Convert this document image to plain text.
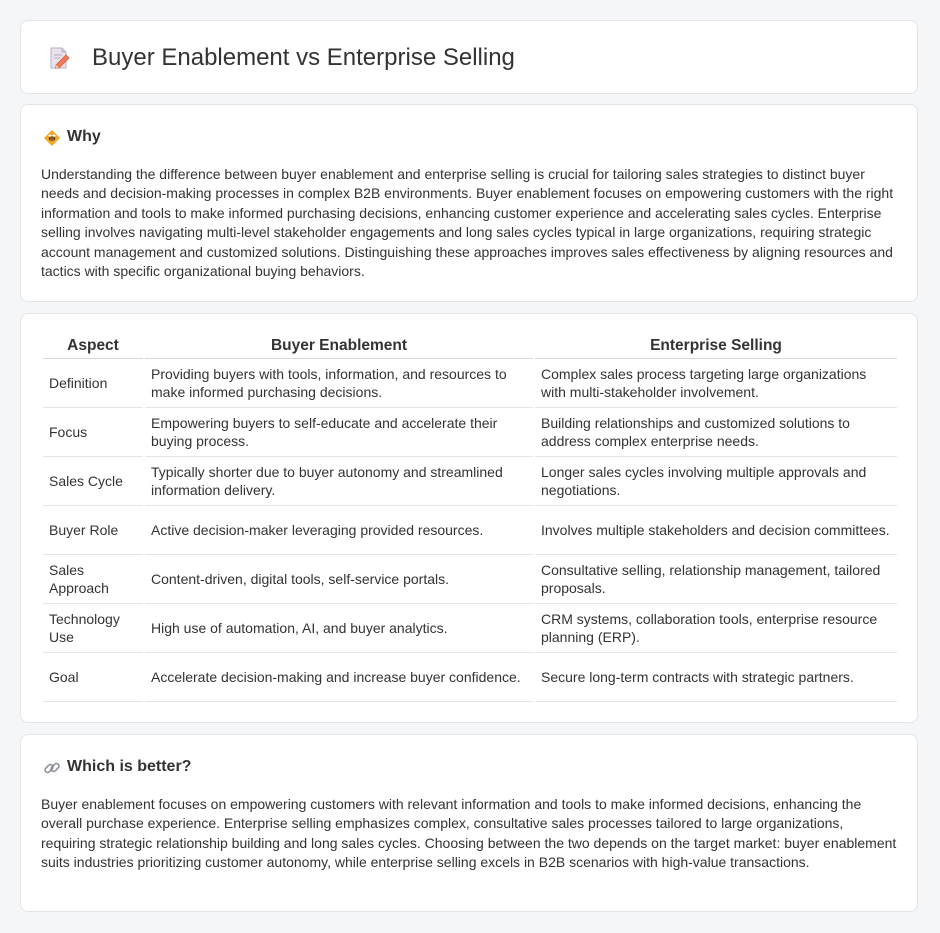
Buyer Enablement vs Enterprise Selling
Why

Understanding the difference between buyer enablement and enterprise selling is crucial for tailoring sales strategies to distinct buyer needs and decision-making processes in complex B2B environments. Buyer enablement focuses on empowering customers with the right information and tools to make informed purchasing decisions, enhancing customer experience and accelerating sales cycles. Enterprise selling involves navigating multi-level stakeholder engagements and long sales cycles typical in large organizations, requiring strategic account management and customized solutions. Distinguishing these approaches improves sales effectiveness by aligning resources and tactics with specific organizational buying behaviors.

Aspect	Buyer Enablement	Enterprise Selling
Definition	Providing buyers with tools, information, and resources to make informed purchasing decisions.	Complex sales process targeting large organizations with multi-stakeholder involvement.
Focus	Empowering buyers to self-educate and accelerate their buying process.	Building relationships and customized solutions to address complex enterprise needs.
Sales Cycle	Typically shorter due to buyer autonomy and streamlined information delivery.	Longer sales cycles involving multiple approvals and negotiations.
Buyer Role	Active decision-maker leveraging provided resources.	Involves multiple stakeholders and decision committees.
Sales Approach	Content-driven, digital tools, self-service portals.	Consultative selling, relationship management, tailored proposals.
Technology Use	High use of automation, AI, and buyer analytics.	CRM systems, collaboration tools, enterprise resource planning (ERP).
Goal	Accelerate decision-making and increase buyer confidence.	Secure long-term contracts with strategic partners.
Which is better?

Buyer enablement focuses on empowering customers with relevant information and tools to make informed decisions, enhancing the overall purchase experience. Enterprise selling emphasizes complex, consultative sales processes tailored to large organizations, requiring strategic relationship building and long sales cycles. Choosing between the two depends on the target market: buyer enablement suits industries prioritizing customer autonomy, while enterprise selling excels in B2B scenarios with high-value transactions.
